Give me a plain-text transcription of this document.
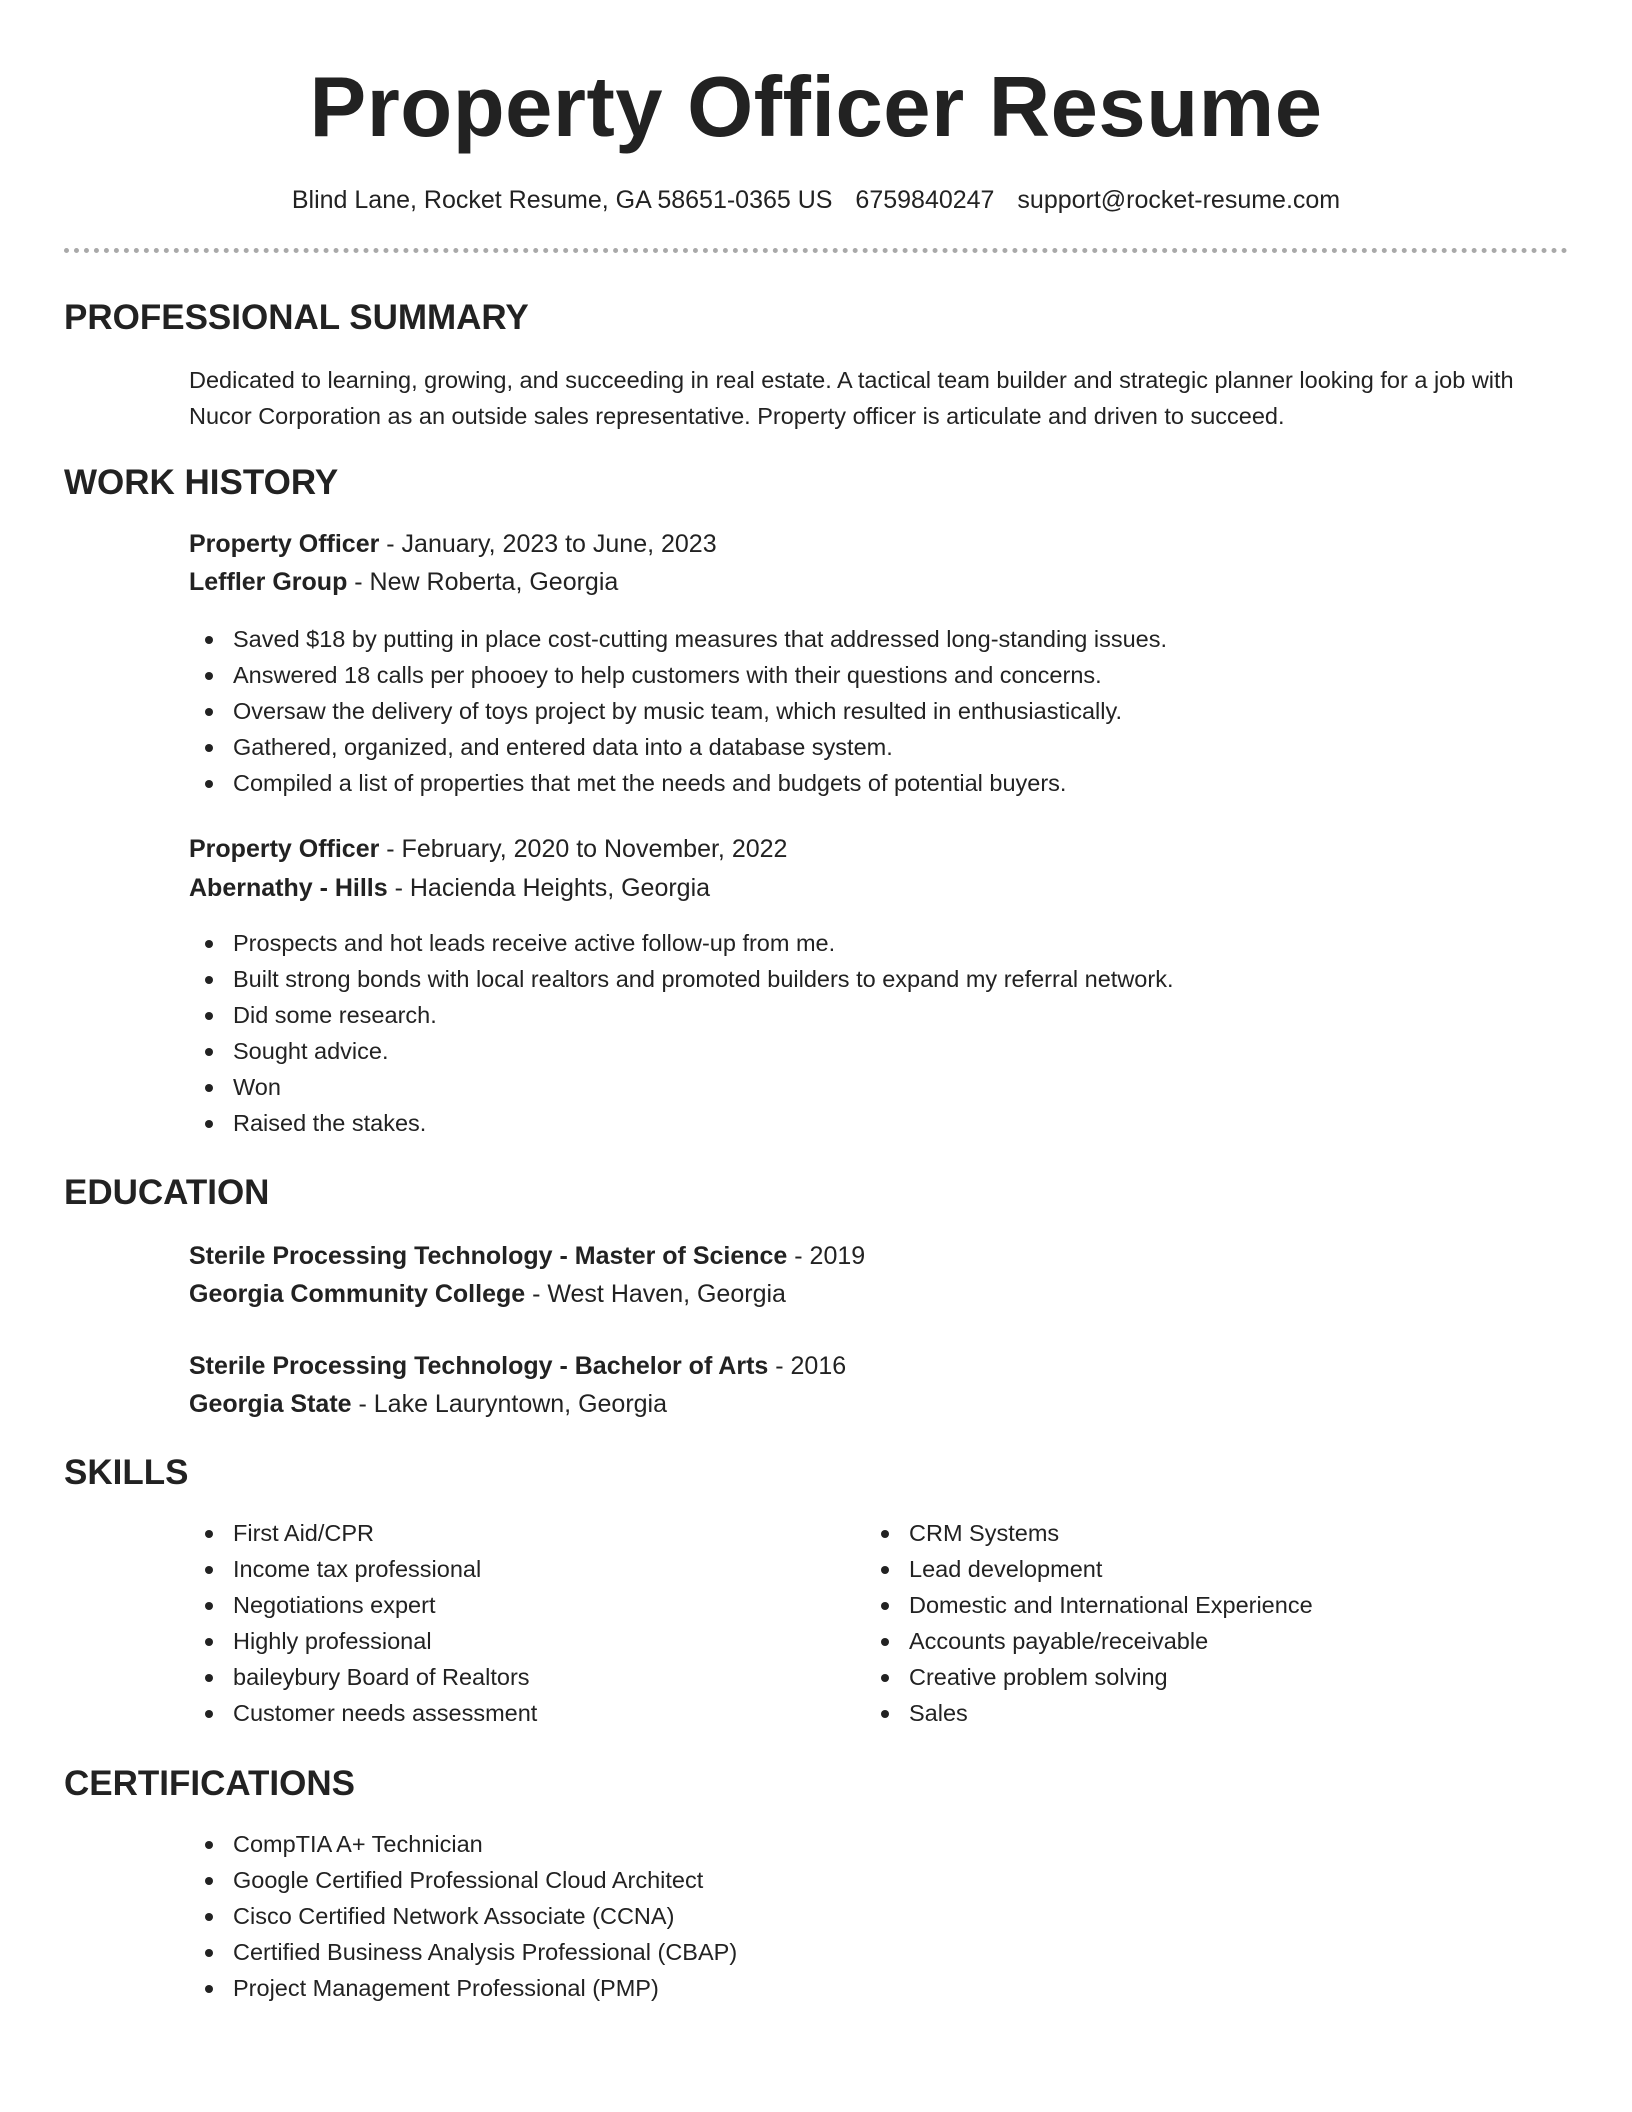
Property Officer Resume
Blind Lane, Rocket Resume, GA 58651-0365 US 6759840247 support@rocket-resume.com
PROFESSIONAL SUMMARY
Dedicated to learning, growing, and succeeding in real estate. A tactical team builder and strategic planner looking for a job with Nucor Corporation as an outside sales representative. Property officer is articulate and driven to succeed.
WORK HISTORY
Property Officer - January, 2023 to June, 2023
Leffler Group - New Roberta, Georgia
Saved $18 by putting in place cost-cutting measures that addressed long-standing issues.
Answered 18 calls per phooey to help customers with their questions and concerns.
Oversaw the delivery of toys project by music team, which resulted in enthusiastically.
Gathered, organized, and entered data into a database system.
Compiled a list of properties that met the needs and budgets of potential buyers.
Property Officer - February, 2020 to November, 2022
Abernathy - Hills - Hacienda Heights, Georgia
Prospects and hot leads receive active follow-up from me.
Built strong bonds with local realtors and promoted builders to expand my referral network.
Did some research.
Sought advice.
Won
Raised the stakes.
EDUCATION
Sterile Processing Technology - Master of Science - 2019
Georgia Community College - West Haven, Georgia
Sterile Processing Technology - Bachelor of Arts - 2016
Georgia State - Lake Lauryntown, Georgia
SKILLS
First Aid/CPR
Income tax professional
Negotiations expert
Highly professional
baileybury Board of Realtors
Customer needs assessment
CRM Systems
Lead development
Domestic and International Experience
Accounts payable/receivable
Creative problem solving
Sales
CERTIFICATIONS
CompTIA A+ Technician
Google Certified Professional Cloud Architect
Cisco Certified Network Associate (CCNA)
Certified Business Analysis Professional (CBAP)
Project Management Professional (PMP)
